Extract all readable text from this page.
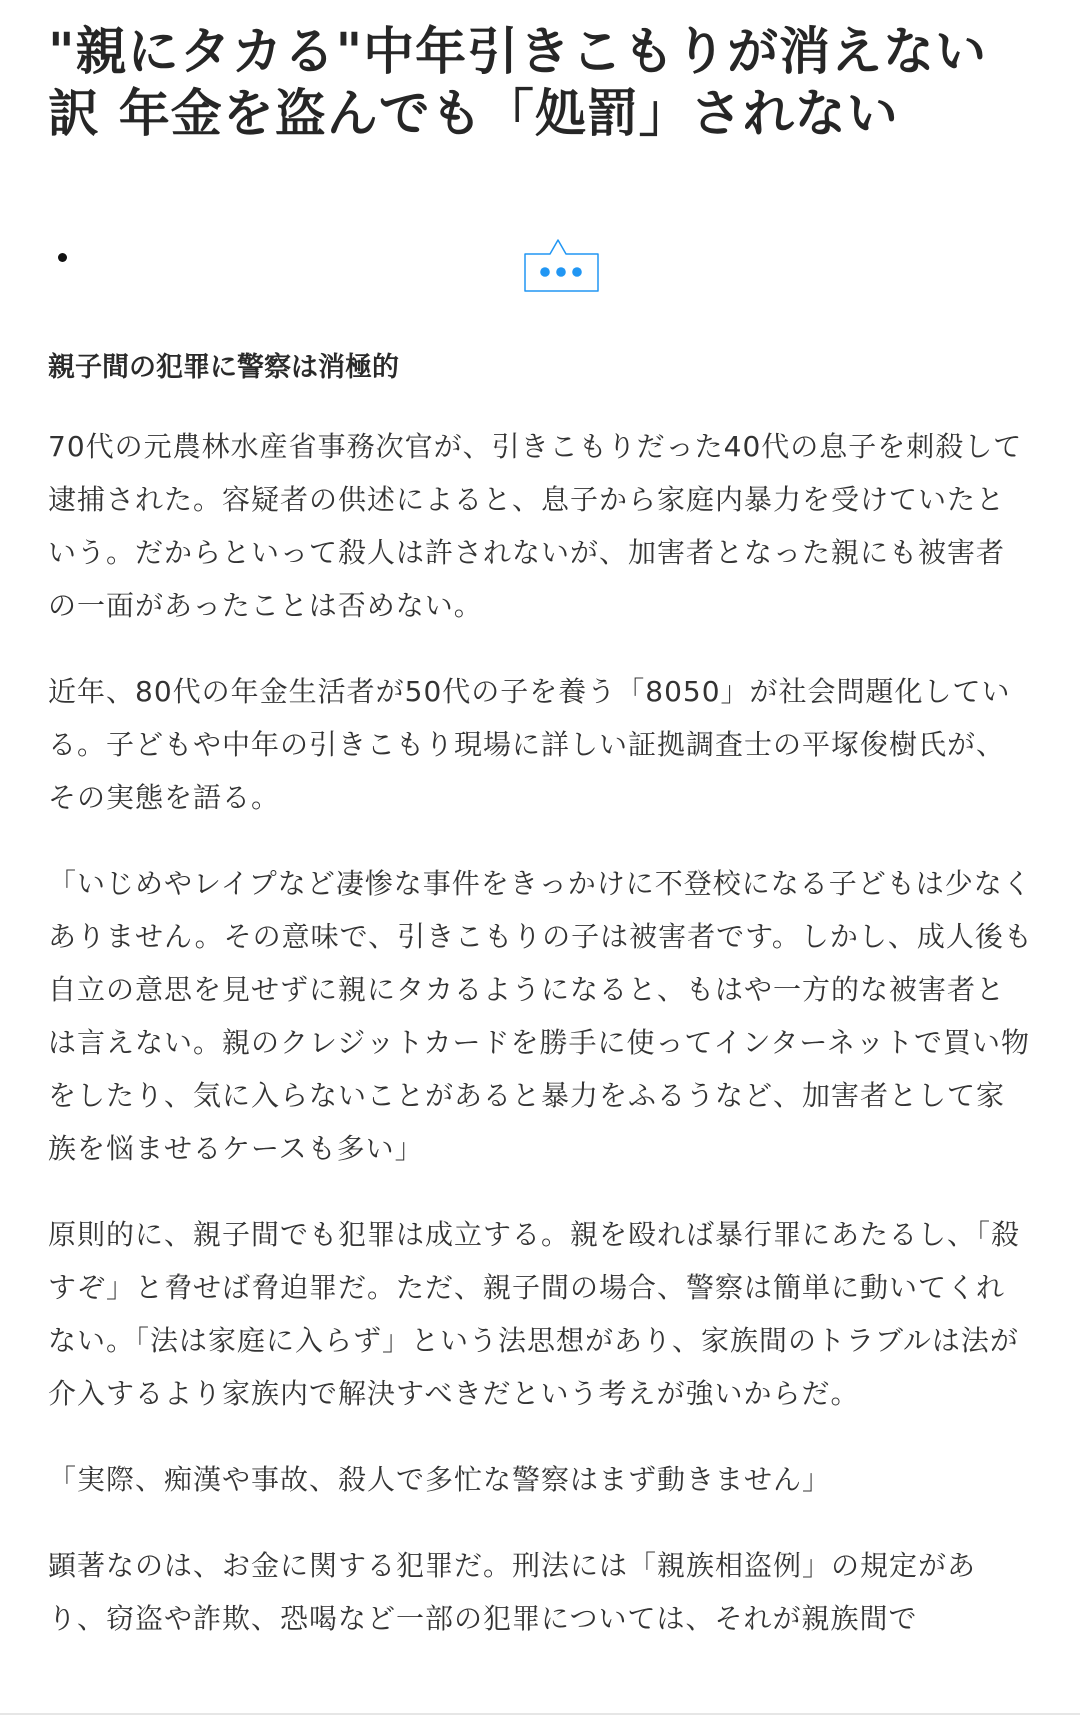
"親にタカる"中年引きこもりが消えない訳 年金を盗んでも「処罰」されない
親子間の犯罪に警察は消極的

70代の元農林水産省事務次官が、引きこもりだった40代の息子を刺殺して逮捕された。容疑者の供述によると、息子から家庭内暴力を受けていたという。だからといって殺人は許されないが、加害者となった親にも被害者の一面があったことは否めない。

近年、80代の年金生活者が50代の子を養う「8050」が社会問題化している。子どもや中年の引きこもり現場に詳しい証拠調査士の平塚俊樹氏が、その実態を語る。

「いじめやレイプなど凄惨な事件をきっかけに不登校になる子どもは少なくありません。その意味で、引きこもりの子は被害者です。しかし、成人後も自立の意思を見せずに親にタカるようになると、もはや一方的な被害者とは言えない。親のクレジットカードを勝手に使ってインターネットで買い物をしたり、気に入らないことがあると暴力をふるうなど、加害者として家族を悩ませるケースも多い」

原則的に、親子間でも犯罪は成立する。親を殴れば暴行罪にあたるし、「殺すぞ」と脅せば脅迫罪だ。ただ、親子間の場合、警察は簡単に動いてくれない。「法は家庭に入らず」という法思想があり、家族間のトラブルは法が介入するより家族内で解決すべきだという考えが強いからだ。

「実際、痴漢や事故、殺人で多忙な警察はまず動きません」

顕著なのは、お金に関する犯罪だ。刑法には「親族相盗例」の規定があり、窃盗や詐欺、恐喝など一部の犯罪については、それが親族間で
